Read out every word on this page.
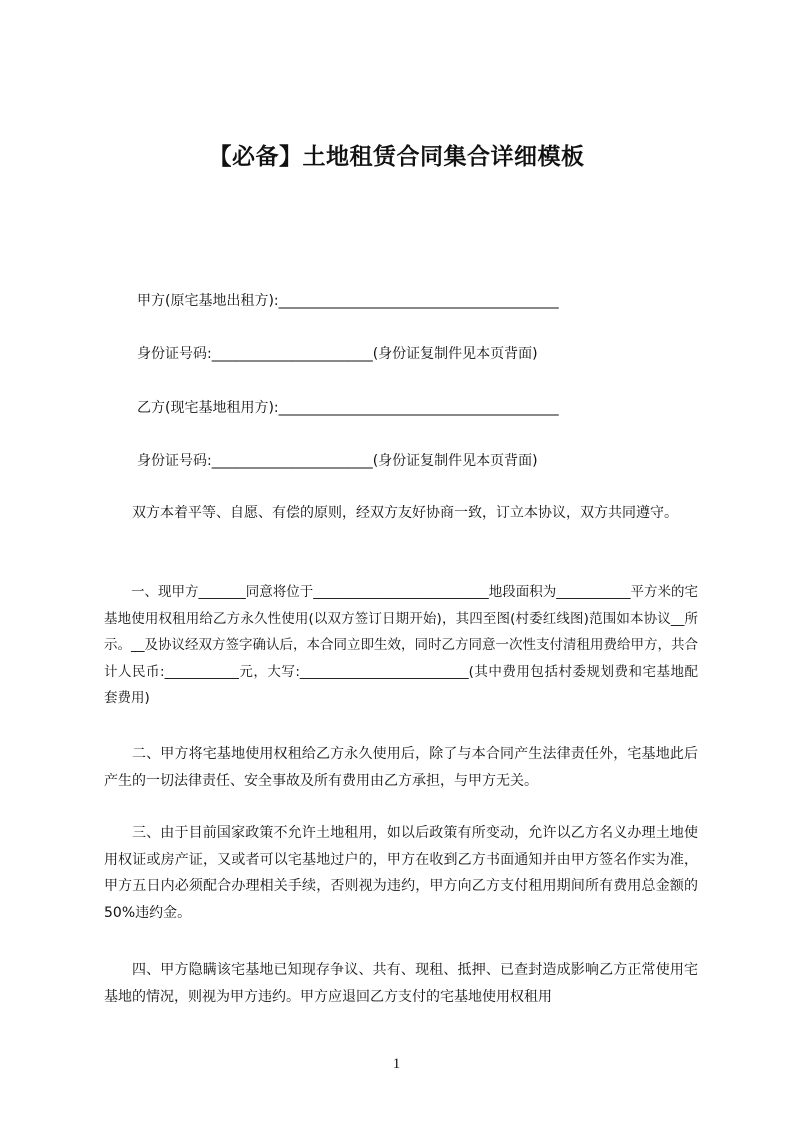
【必备】土地租赁合同集合详细模板

甲方(原宅基地出租方):________________________________________

身份证号码:_______________________(身份证复制件见本页背面)

乙方(现宅基地租用方):________________________________________

身份证号码:_______________________(身份证复制件见本页背面)

双方本着平等、自愿、有偿的原则，经双方友好协商一致，订立本协议，双方共同遵守。

一、现甲方_______同意将位于__________________________地段面积为___________平方米的宅基地使用权租用给乙方永久性使用(以双方签订日期开始)，其四至图(村委红线图)范围如本协议__所示。__及协议经双方签字确认后，本合同立即生效，同时乙方同意一次性支付清租用费给甲方，共合计人民币:___________元，大写:_________________________(其中费用包括村委规划费和宅基地配套费用)

二、甲方将宅基地使用权租给乙方永久使用后，除了与本合同产生法律责任外，宅基地此后产生的一切法律责任、安全事故及所有费用由乙方承担，与甲方无关。

三、由于目前国家政策不允许土地租用，如以后政策有所变动，允许以乙方名义办理土地使用权证或房产证，又或者可以宅基地过户的，甲方在收到乙方书面通知并由甲方签名作实为准，甲方五日内必须配合办理相关手续，否则视为违约，甲方向乙方支付租用期间所有费用总金额的50%违约金。

四、甲方隐瞒该宅基地已知现存争议、共有、现租、抵押、已查封造成影响乙方正常使用宅基地的情况，则视为甲方违约。甲方应退回乙方支付的宅基地使用权租用

1
